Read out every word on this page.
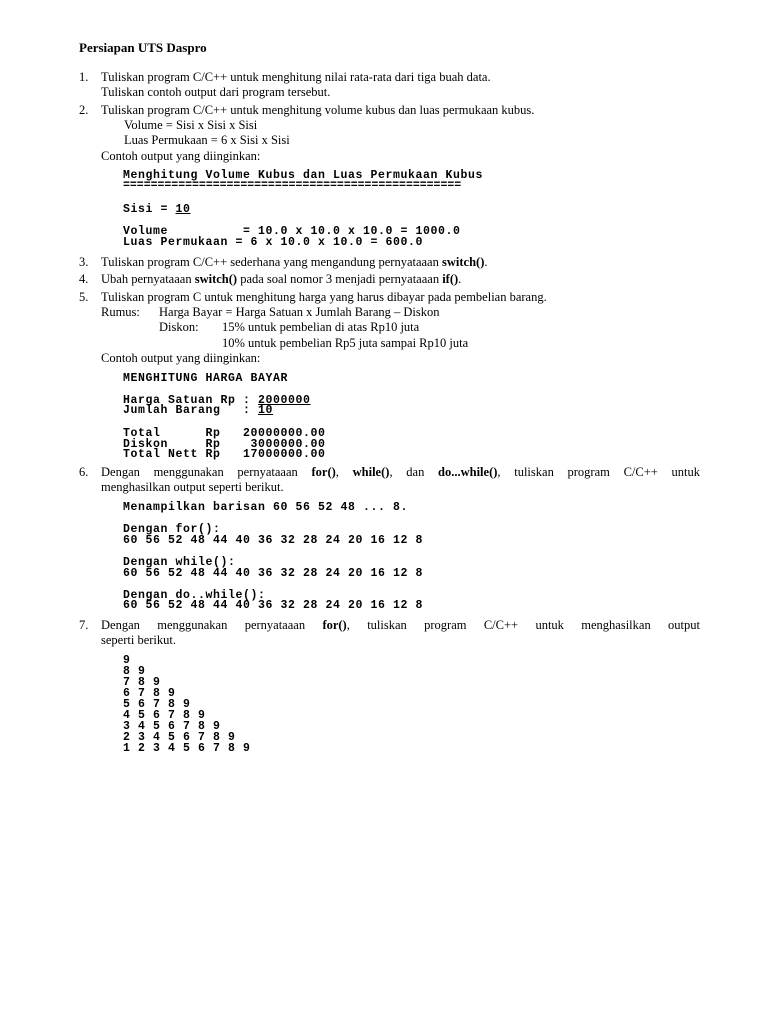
Persiapan UTS Daspro
1. Tuliskan program C/C++ untuk menghitung nilai rata-rata dari tiga buah data.
Tuliskan contoh output dari program tersebut.
2. Tuliskan program C/C++ untuk menghitung volume kubus dan luas permukaan kubus.
Volume = Sisi x Sisi x Sisi
Luas Permukaan = 6 x Sisi x Sisi
Contoh output yang diinginkan:
Menghitung Volume Kubus dan Luas Permukaan Kubus
=================================================
Sisi = 10
Volume          = 10.0 x 10.0 x 10.0 = 1000.0
Luas Permukaan = 6 x 10.0 x 10.0 = 600.0
3. Tuliskan program C/C++ sederhana yang mengandung pernyataaan switch().
4. Ubah pernyataaan switch() pada soal nomor 3 menjadi pernyataaan if().
5. Tuliskan program C untuk menghitung harga yang harus dibayar pada pembelian barang.
Rumus: Harga Bayar = Harga Satuan x Jumlah Barang – Diskon
Diskon: 15% untuk pembelian di atas Rp10 juta
10% untuk pembelian Rp5 juta sampai Rp10 juta
Contoh output yang diinginkan:
MENGHITUNG HARGA BAYAR
Harga Satuan Rp : 2000000
Jumlah Barang   : 10
Total      Rp   20000000.00
Diskon     Rp    3000000.00
Total Nett Rp   17000000.00
6. Dengan menggunakan pernyataaan for(), while(), dan do...while(), tuliskan program C/C++ untuk
menghasilkan output seperti berikut.
Menampilkan barisan 60 56 52 48 ... 8.
Dengan for():
60 56 52 48 44 40 36 32 28 24 20 16 12 8
Dengan while():
60 56 52 48 44 40 36 32 28 24 20 16 12 8
Dengan do..while():
60 56 52 48 44 40 36 32 28 24 20 16 12 8
7. Dengan menggunakan pernyataaan for(), tuliskan program C/C++ untuk menghasilkan output
seperti berikut.
9
8 9
7 8 9
6 7 8 9
5 6 7 8 9
4 5 6 7 8 9
3 4 5 6 7 8 9
2 3 4 5 6 7 8 9
1 2 3 4 5 6 7 8 9
